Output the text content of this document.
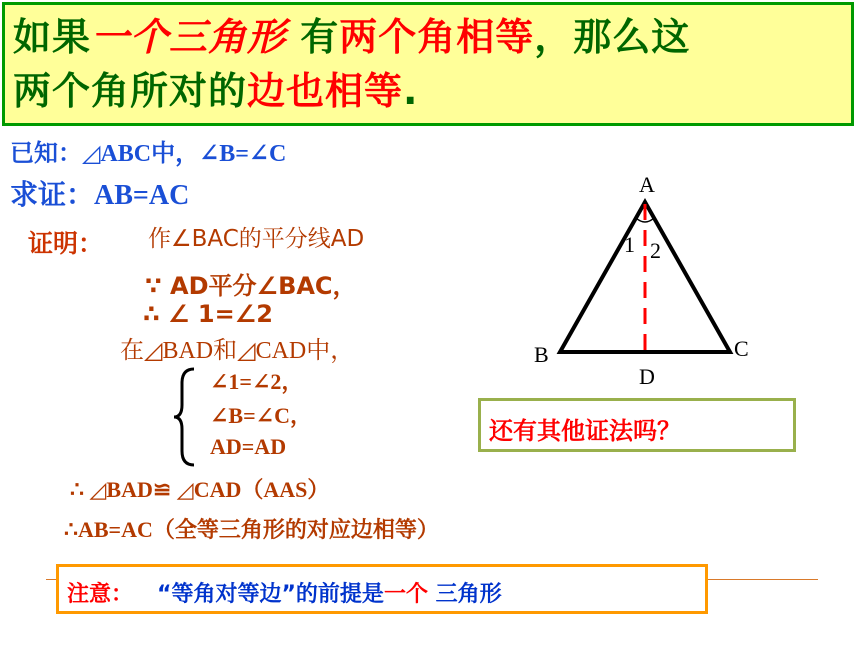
如果一个三角形 有两个角相等，那么这
两个角所对的边也相等.
已知：◿ABC中，∠B=∠C
求证：AB=AC
证明： 作∠BAC的平分线AD
∵ AD平分∠BAC，
∴ ∠ 1=∠2
在◿BAD和◿CAD中，
∠1=∠2，
∠B=∠C，
AD=AD
∴ ◿BAD≌ ◿CAD（AAS）
∴AB=AC（全等三角形的对应边相等）
A
B	C
D
1 2
还有其他证法吗？
注意： “等角对等边”的前提是一个 三角形
